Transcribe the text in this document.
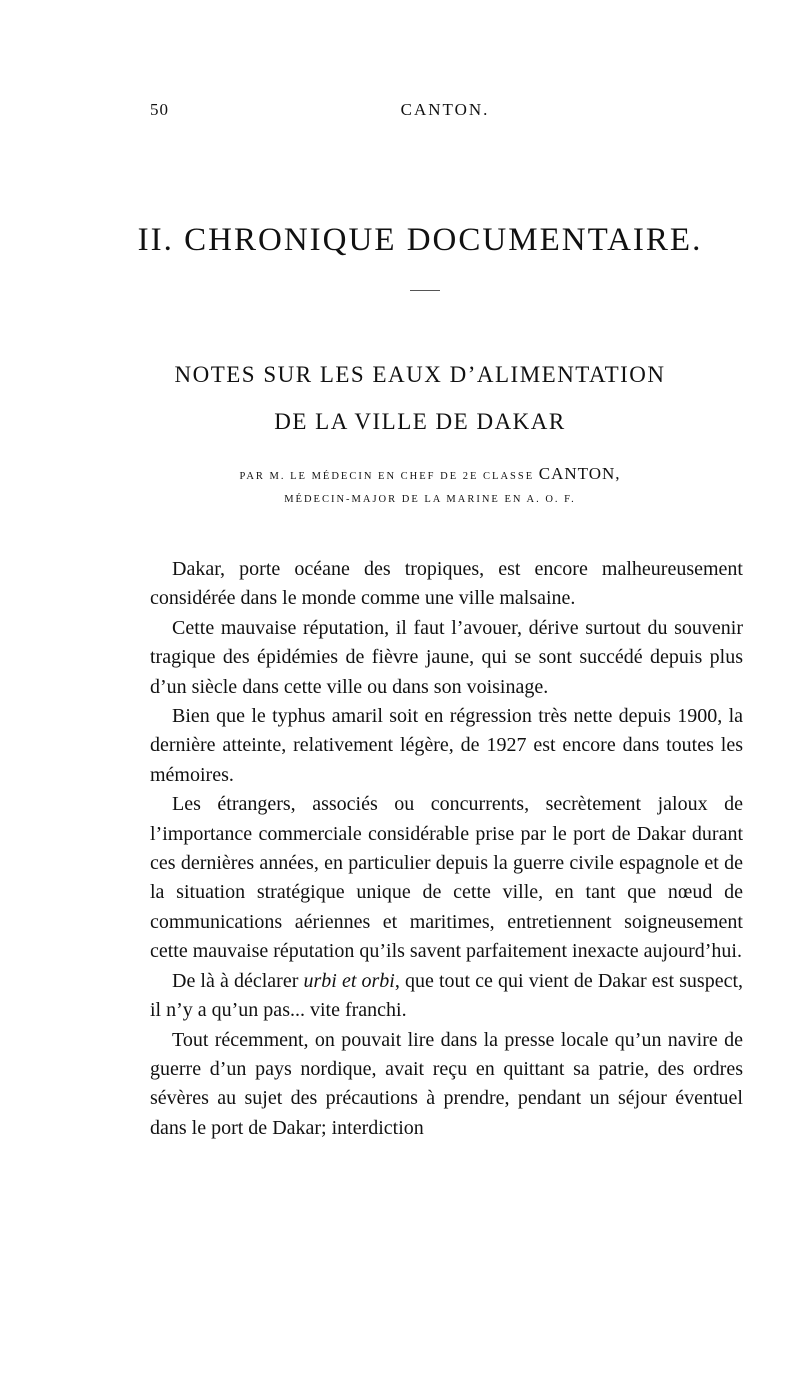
50	CANTON.
II. CHRONIQUE DOCUMENTAIRE.
NOTES SUR LES EAUX D’ALIMENTATION
DE LA VILLE DE DAKAR

PAR M. LE MÉDECIN EN CHEF DE 2E CLASSE CANTON,

MÉDECIN-MAJOR DE LA MARINE EN A. O. F.

Dakar, porte océane des tropiques, est encore malheureusement considérée dans le monde comme une ville malsaine.

Cette mauvaise réputation, il faut l’avouer, dérive surtout du souvenir tragique des épidémies de fièvre jaune, qui se sont succédé depuis plus d’un siècle dans cette ville ou dans son voisinage.

Bien que le typhus amaril soit en régression très nette depuis 1900, la dernière atteinte, relativement légère, de 1927 est encore dans toutes les mémoires.

Les étrangers, associés ou concurrents, secrètement jaloux de l’importance commerciale considérable prise par le port de Dakar durant ces dernières années, en particulier depuis la guerre civile espagnole et de la situation stratégique unique de cette ville, en tant que nœud de communications aériennes et maritimes, entretiennent soigneusement cette mauvaise réputation qu’ils savent parfaitement inexacte aujourd’hui.

De là à déclarer urbi et orbi, que tout ce qui vient de Dakar est suspect, il n’y a qu’un pas... vite franchi.

Tout récemment, on pouvait lire dans la presse locale qu’un navire de guerre d’un pays nordique, avait reçu en quittant sa patrie, des ordres sévères au sujet des précautions à prendre, pendant un séjour éventuel dans le port de Dakar; interdiction
